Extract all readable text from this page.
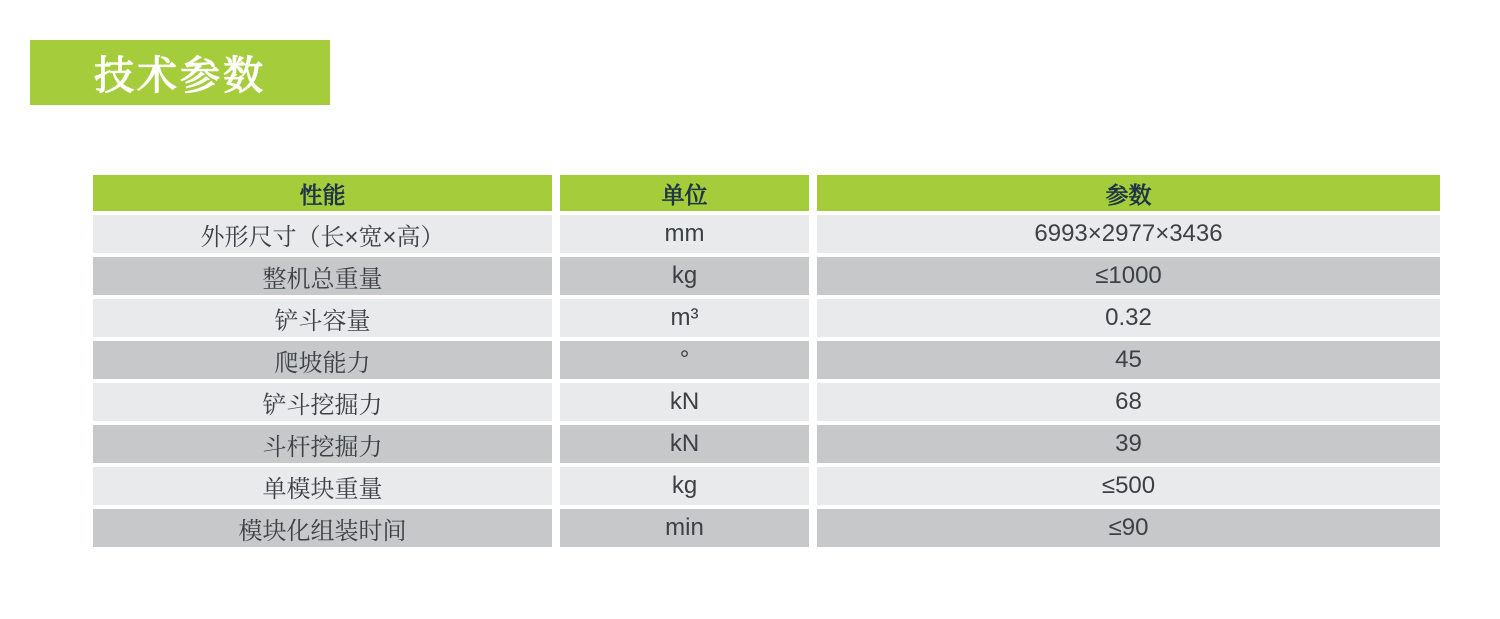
技术参数
性能	单位	参数
外形尺寸（长×宽×高）	mm	6993×2977×3436
整机总重量	kg	≤1000
铲斗容量	m³	0.32
爬坡能力	°	45
铲斗挖掘力	kN	68
斗杆挖掘力	kN	39
单模块重量	kg	≤500
模块化组装时间	min	≤90
